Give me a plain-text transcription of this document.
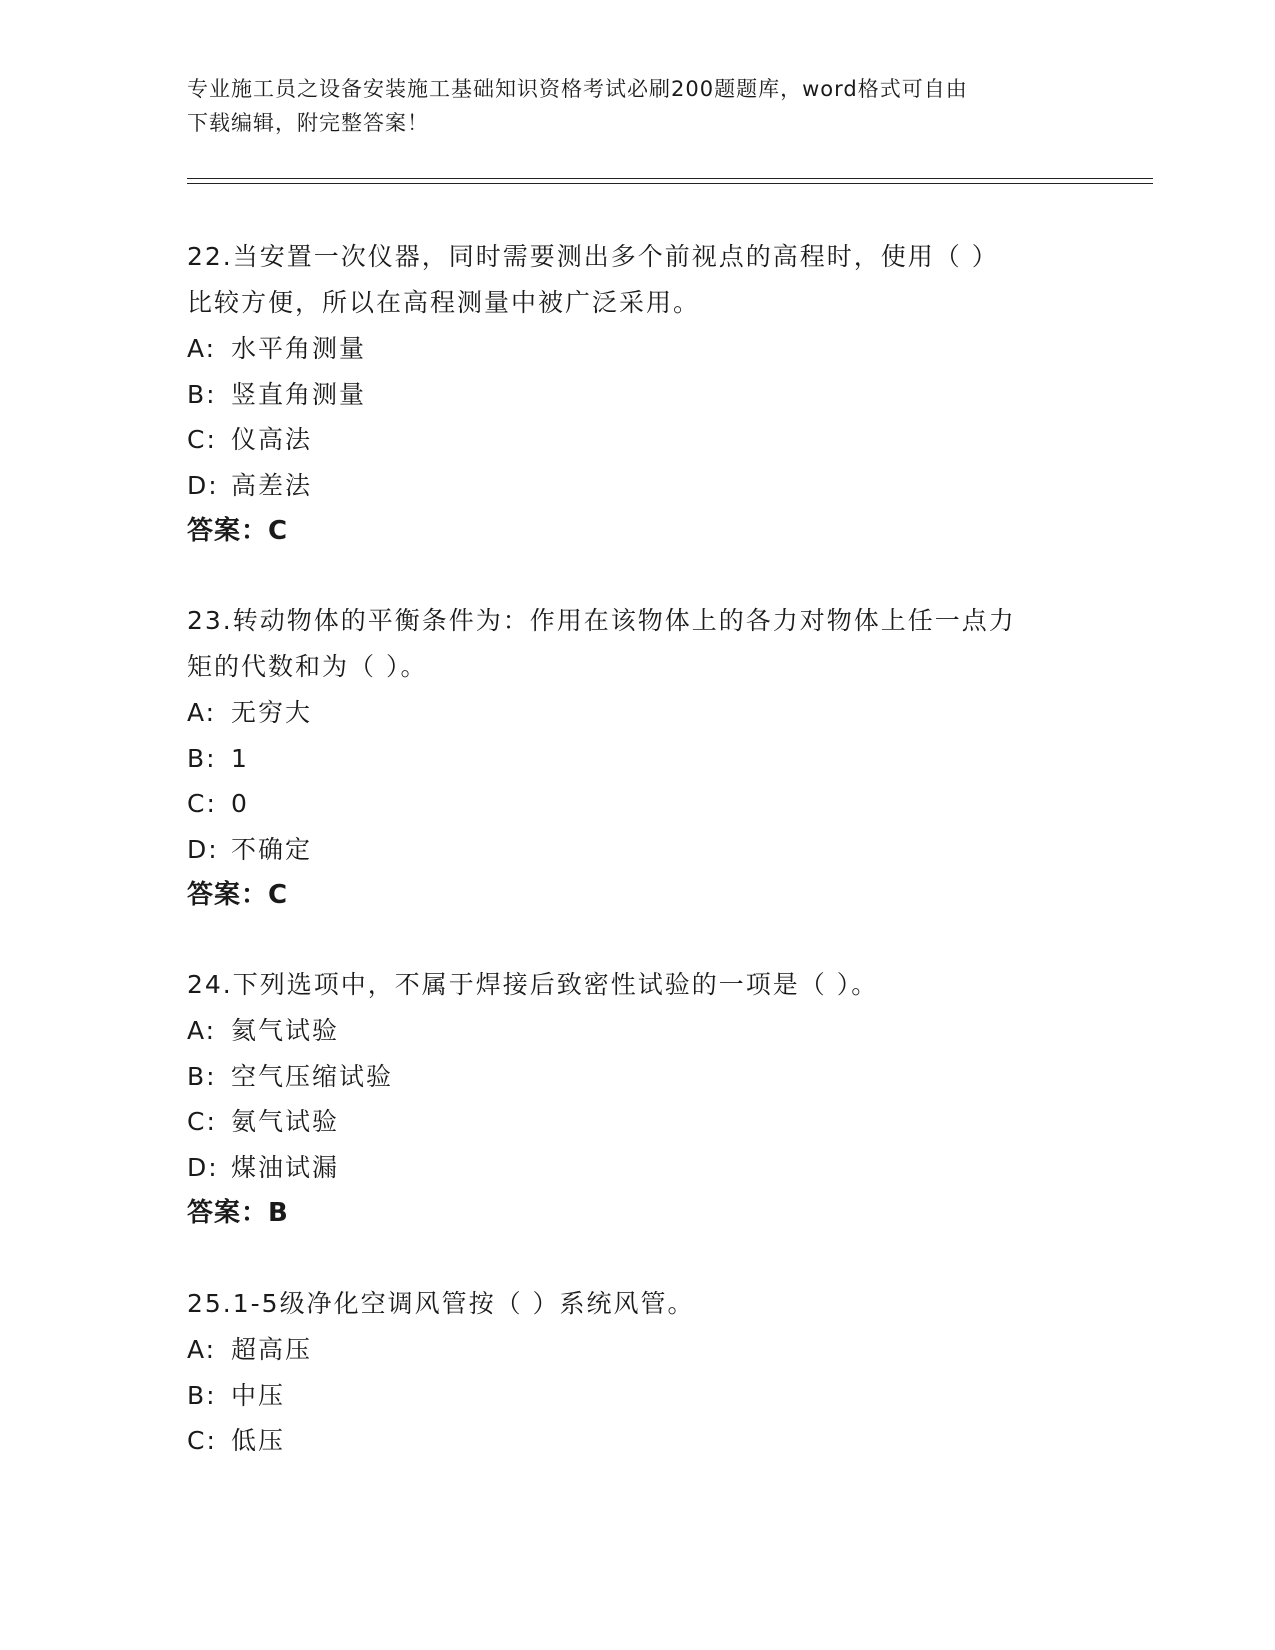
专业施工员之设备安装施工基础知识资格考试必刷200题题库，word格式可自由
下载编辑，附完整答案！
22.当安置一次仪器，同时需要测出多个前视点的高程时，使用（ ）
比较方便，所以在高程测量中被广泛采用。
A: 水平角测量
B: 竖直角测量
C: 仪高法
D: 高差法
答案：C
23.转动物体的平衡条件为：作用在该物体上的各力对物体上任一点力
矩的代数和为（ ）。
A: 无穷大
B: 1
C: 0
D: 不确定
答案：C
24.下列选项中，不属于焊接后致密性试验的一项是（ ）。
A: 氦气试验
B: 空气压缩试验
C: 氨气试验
D: 煤油试漏
答案：B
25.1-5级净化空调风管按（ ）系统风管。
A: 超高压
B: 中压
C: 低压
